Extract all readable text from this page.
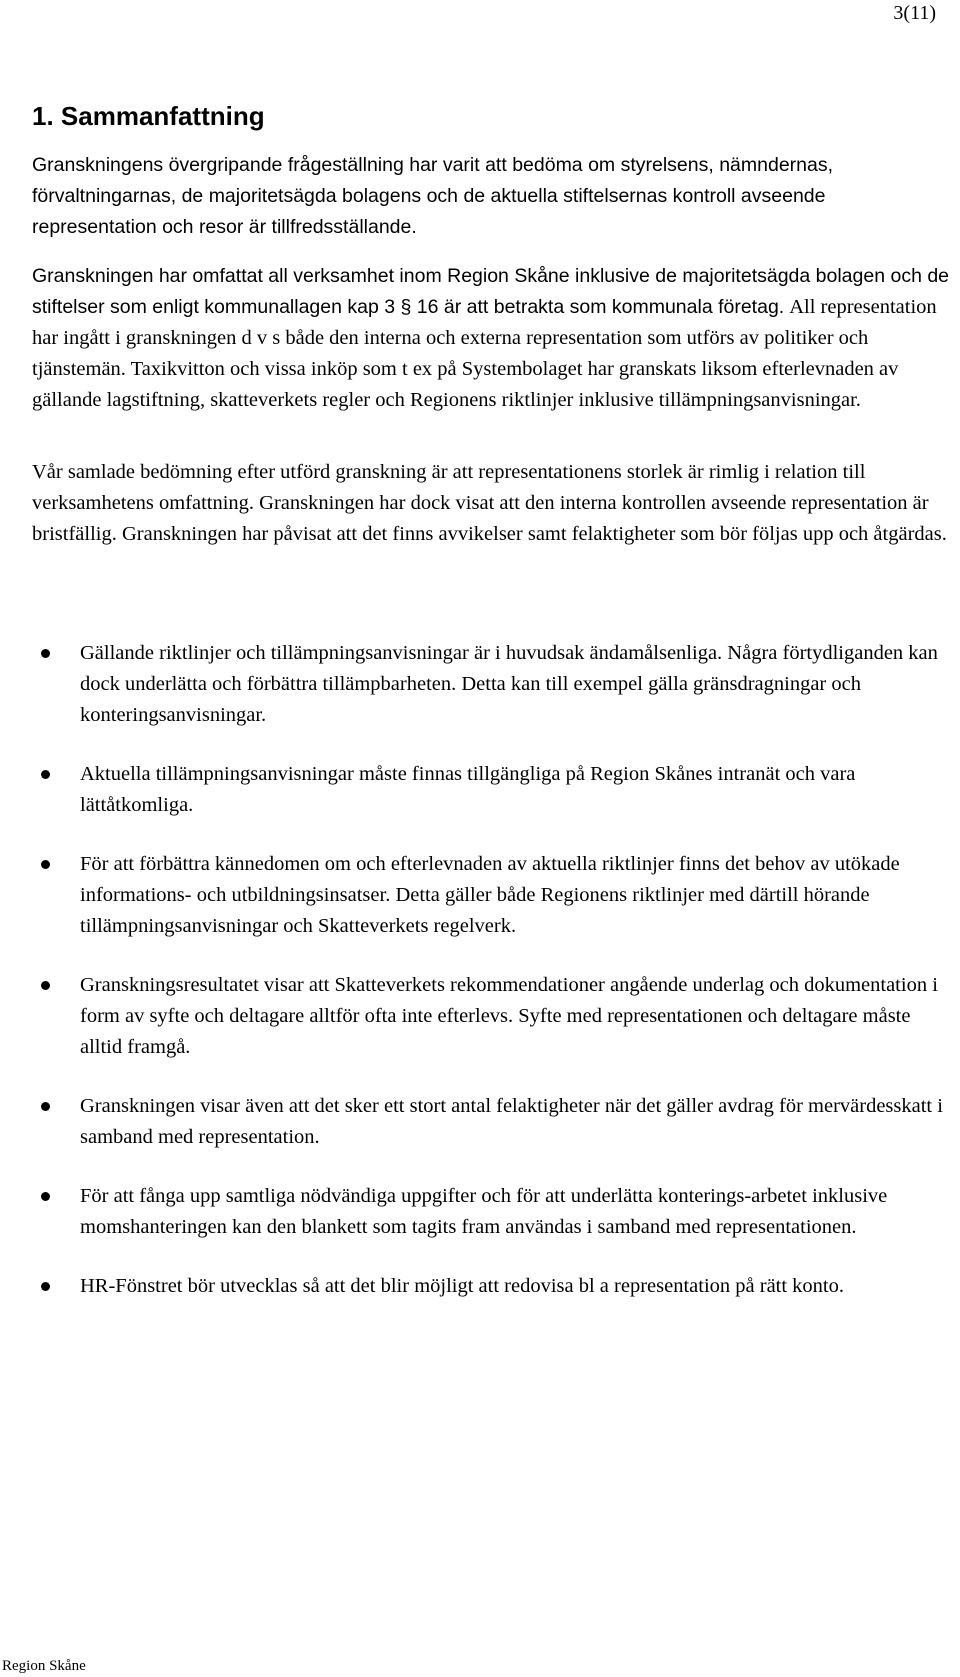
3(11)
1. Sammanfattning

Granskningens övergripande frågeställning har varit att bedöma om styrelsens, nämndernas, förvaltningarnas, de majoritetsägda bolagens och de aktuella stiftelsernas kontroll avseende representation och resor är tillfredsställande.

Granskningen har omfattat all verksamhet inom Region Skåne inklusive de majoritetsägda bolagen och de stiftelser som enligt kommunallagen kap 3 § 16 är att betrakta som kommunala företag. All representation har ingått i granskningen d v s både den interna och externa representation som utförs av politiker och tjänstemän. Taxikvitton och vissa inköp som t ex på Systembolaget har granskats liksom efterlevnaden av gällande lagstiftning, skatteverkets regler och Regionens riktlinjer inklusive tillämpningsanvisningar.

Vår samlade bedömning efter utförd granskning är att representationens storlek är rimlig i relation till verksamhetens omfattning. Granskningen har dock visat att den interna kontrollen avseende representation är bristfällig. Granskningen har påvisat att det finns avvikelser samt felaktigheter som bör följas upp och åtgärdas.

Gällande riktlinjer och tillämpningsanvisningar är i huvudsak ändamålsenliga. Några förtydliganden kan dock underlätta och förbättra tillämpbarheten. Detta kan till exempel gälla gränsdragningar och konteringsanvisningar.
Aktuella tillämpningsanvisningar måste finnas tillgängliga på Region Skånes intranät och vara lättåtkomliga.
För att förbättra kännedomen om och efterlevnaden av aktuella riktlinjer finns det behov av utökade informations- och utbildningsinsatser. Detta gäller både Regionens riktlinjer med därtill hörande tillämpningsanvisningar och Skatteverkets regelverk.
Granskningsresultatet visar att Skatteverkets rekommendationer angående underlag och dokumentation i form av syfte och deltagare alltför ofta inte efterlevs. Syfte med representationen och deltagare måste alltid framgå.
Granskningen visar även att det sker ett stort antal felaktigheter när det gäller avdrag för mervärdesskatt i samband med representation.
För att fånga upp samtliga nödvändiga uppgifter och för att underlätta konterings-arbetet inklusive momshanteringen kan den blankett som tagits fram användas i samband med representationen.
HR-Fönstret bör utvecklas så att det blir möjligt att redovisa bl a representation på rätt konto.
Region Skåne
